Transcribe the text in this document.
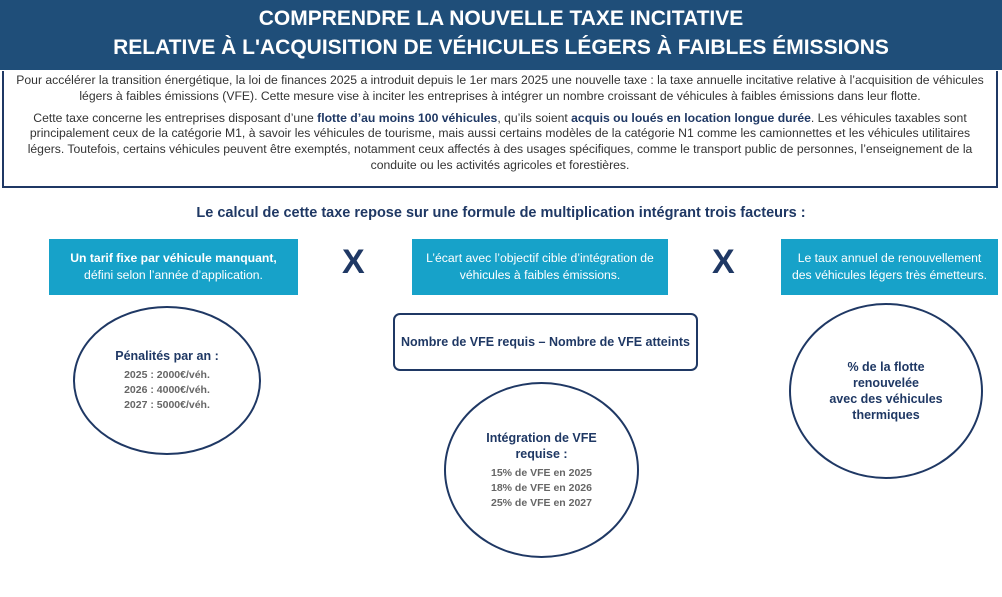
COMPRENDRE LA NOUVELLE TAXE INCITATIVE
RELATIVE À L'ACQUISITION DE VÉHICULES LÉGERS À FAIBLES ÉMISSIONS

Pour accélérer la transition énergétique, la loi de finances 2025 a introduit depuis le 1er mars 2025 une nouvelle taxe : la taxe annuelle incitative relative à l’acquisition de véhicules légers à faibles émissions (VFE). Cette mesure vise à inciter les entreprises à intégrer un nombre croissant de véhicules à faibles émissions dans leur flotte.

Cette taxe concerne les entreprises disposant d’une flotte d’au moins 100 véhicules, qu’ils soient acquis ou loués en location longue durée. Les véhicules taxables sont principalement ceux de la catégorie M1, à savoir les véhicules de tourisme, mais aussi certains modèles de la catégorie N1 comme les camionnettes et les véhicules utilitaires légers. Toutefois, certains véhicules peuvent être exemptés, notamment ceux affectés à des usages spécifiques, comme le transport public de personnes, l’enseignement de la conduite ou les activités agricoles et forestières.

Le calcul de cette taxe repose sur une formule de multiplication intégrant trois facteurs :
Un tarif fixe par véhicule manquant,
défini selon l’année d’application.	X	L’écart avec l’objectif cible d’intégration de
véhicules à faibles émissions.	X	Le taux annuel de renouvellement
des véhicules légers très émetteurs.
Nombre de VFE requis – Nombre de VFE atteints
Pénalités par an :
2025 : 2000€/véh.
2026 : 4000€/véh.
2027 : 5000€/véh.
Intégration de VFE
requise :
15% de VFE en 2025
18% de VFE en 2026
25% de VFE en 2027
% de la flotte
renouvelée
avec des véhicules
thermiques
